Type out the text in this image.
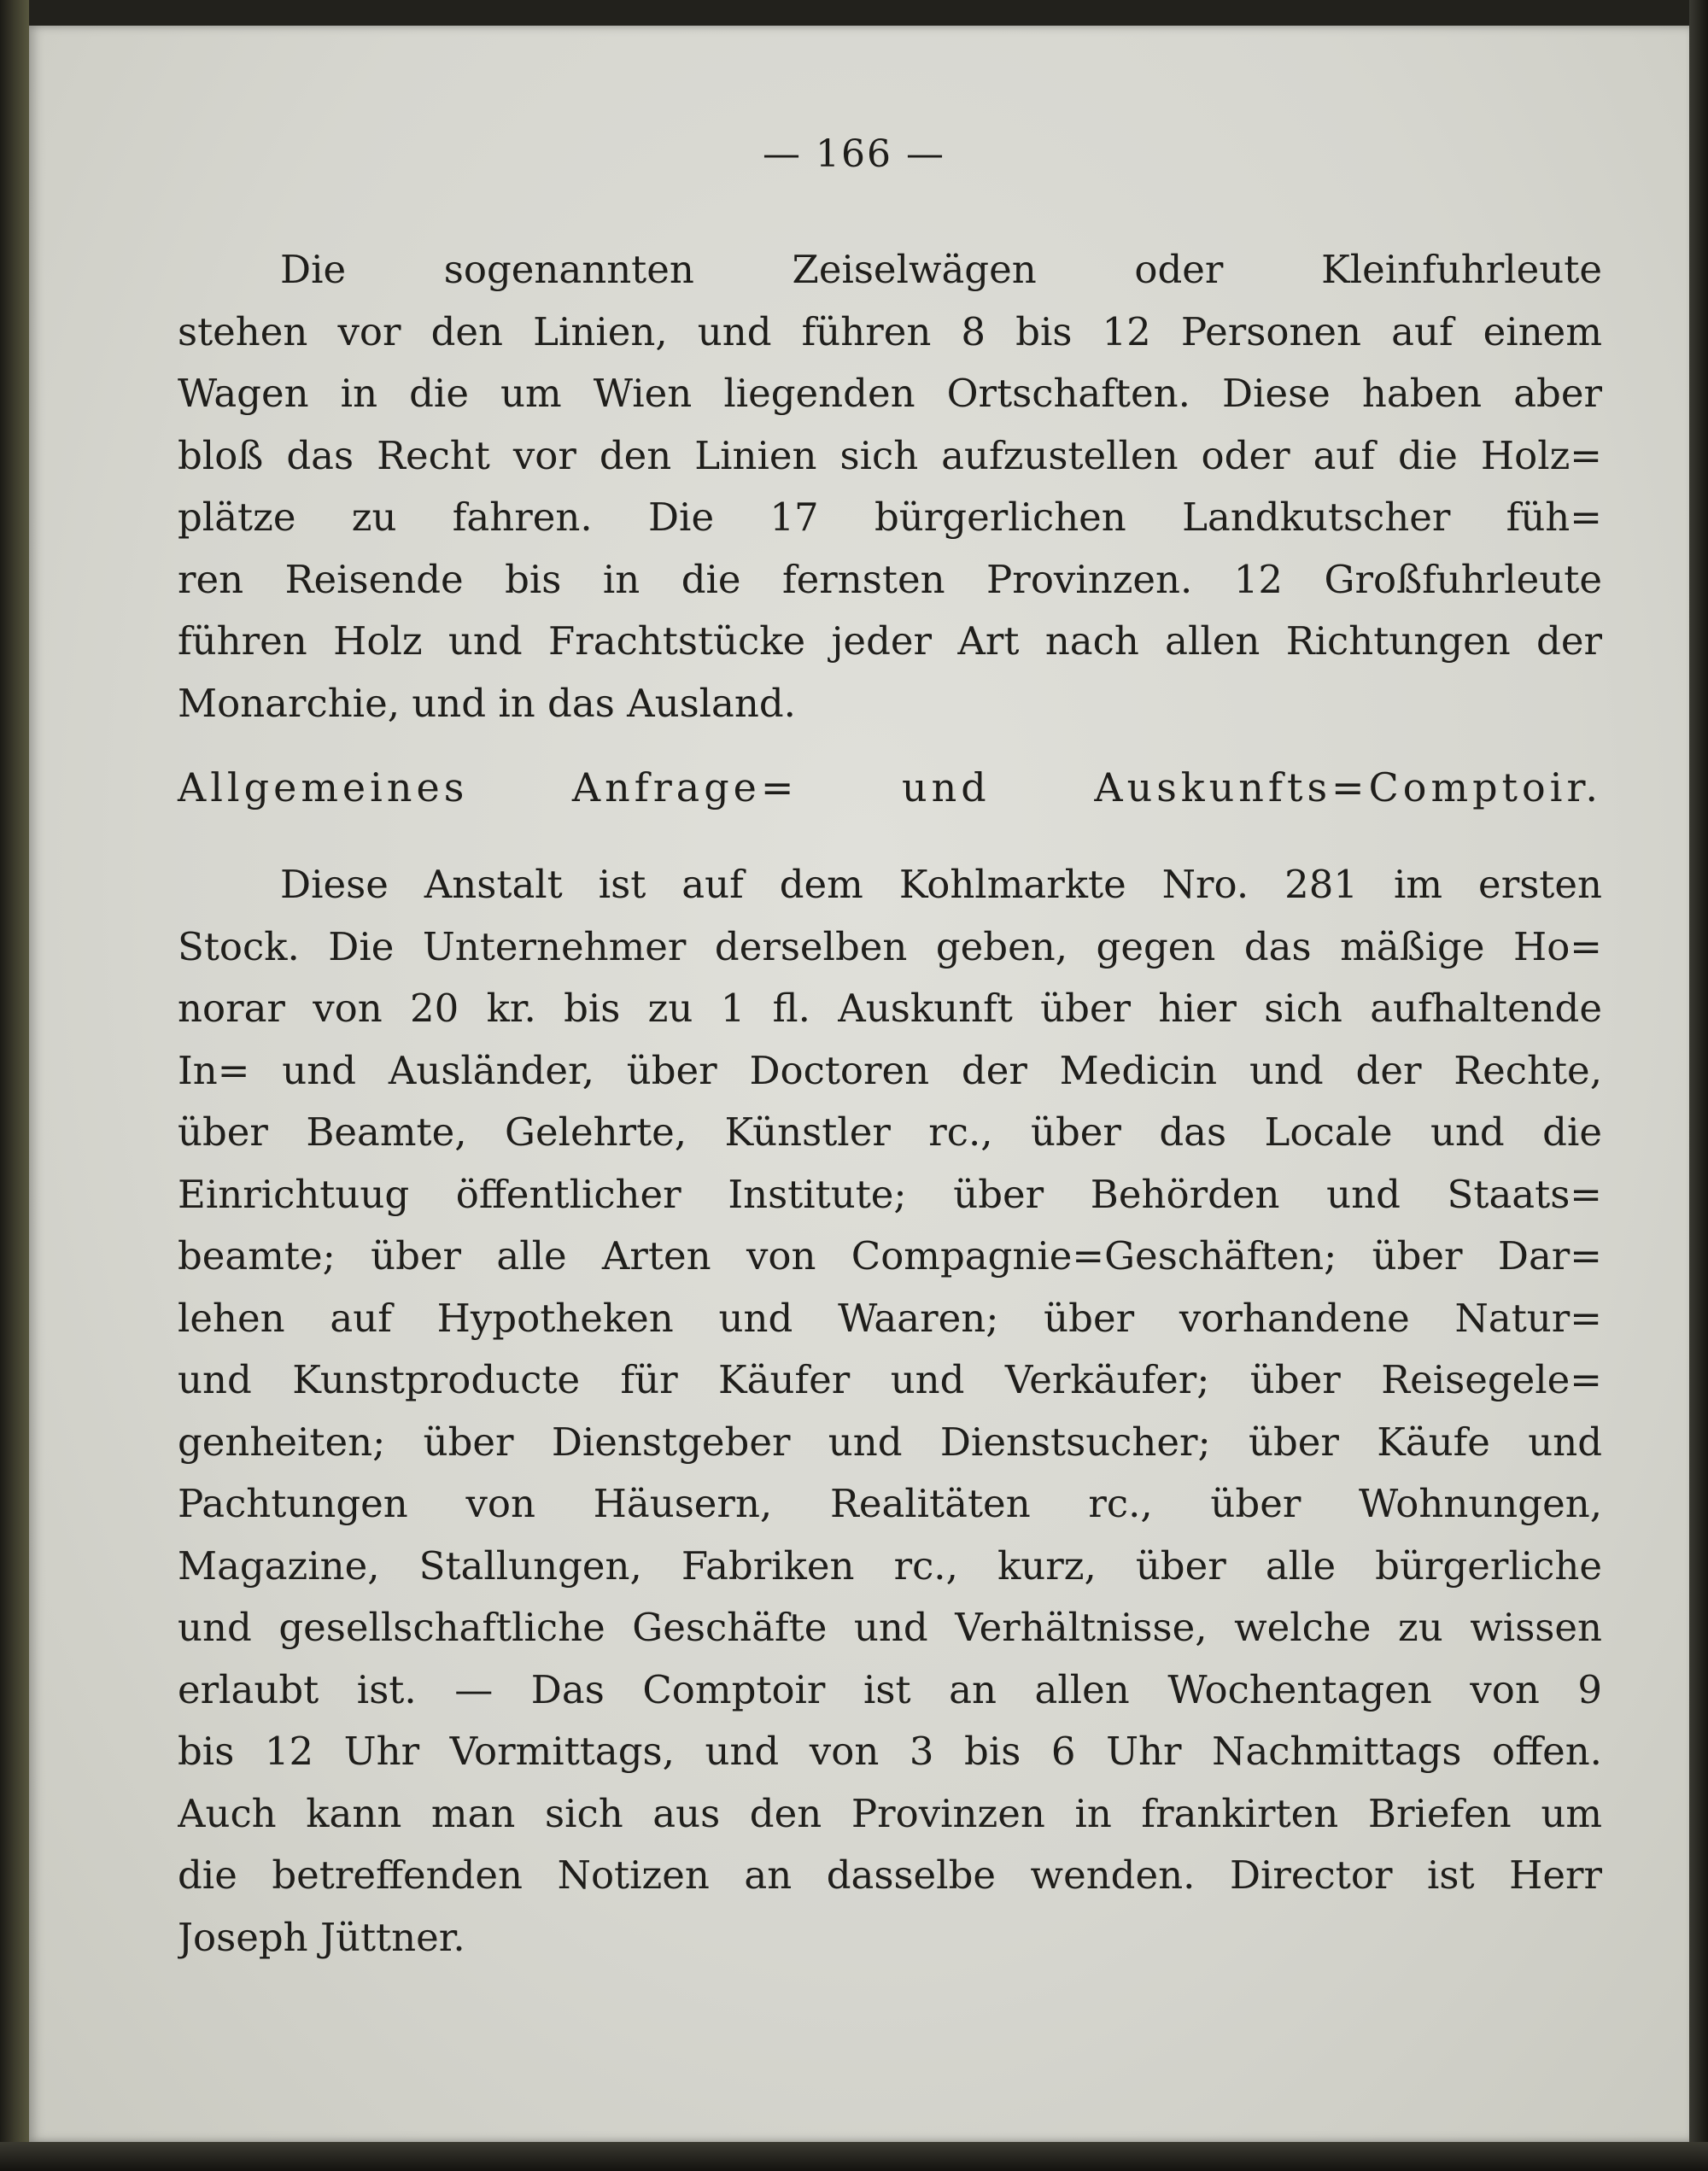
— 166 —
Die sogenannten Zeiselwägen oder Kleinfuhrleute
stehen vor den Linien, und führen 8 bis 12 Personen auf einem
Wagen in die um Wien liegenden Ortschaften. Diese haben aber
bloß das Recht vor den Linien sich aufzustellen oder auf die Holz=
plätze zu fahren. Die 17 bürgerlichen Landkutscher füh=
ren Reisende bis in die fernsten Provinzen. 12 Großfuhrleute
führen Holz und Frachtstücke jeder Art nach allen Richtungen der
Monarchie, und in das Ausland.
Allgemeines Anfrage= und Auskunfts=Comptoir.
Diese Anstalt ist auf dem Kohlmarkte Nro. 281 im ersten
Stock. Die Unternehmer derselben geben, gegen das mäßige Ho=
norar von 20 kr. bis zu 1 fl. Auskunft über hier sich aufhaltende
In= und Ausländer, über Doctoren der Medicin und der Rechte,
über Beamte, Gelehrte, Künstler rc., über das Locale und die
Einrichtuug öffentlicher Institute; über Behörden und Staats=
beamte; über alle Arten von Compagnie=Geschäften; über Dar=
lehen auf Hypotheken und Waaren; über vorhandene Natur=
und Kunstproducte für Käufer und Verkäufer; über Reisegele=
genheiten; über Dienstgeber und Dienstsucher; über Käufe und
Pachtungen von Häusern, Realitäten rc., über Wohnungen,
Magazine, Stallungen, Fabriken rc., kurz, über alle bürgerliche
und gesellschaftliche Geschäfte und Verhältnisse, welche zu wissen
erlaubt ist. — Das Comptoir ist an allen Wochentagen von 9
bis 12 Uhr Vormittags, und von 3 bis 6 Uhr Nachmittags offen.
Auch kann man sich aus den Provinzen in frankirten Briefen um
die betreffenden Notizen an dasselbe wenden. Director ist Herr
Joseph Jüttner.
